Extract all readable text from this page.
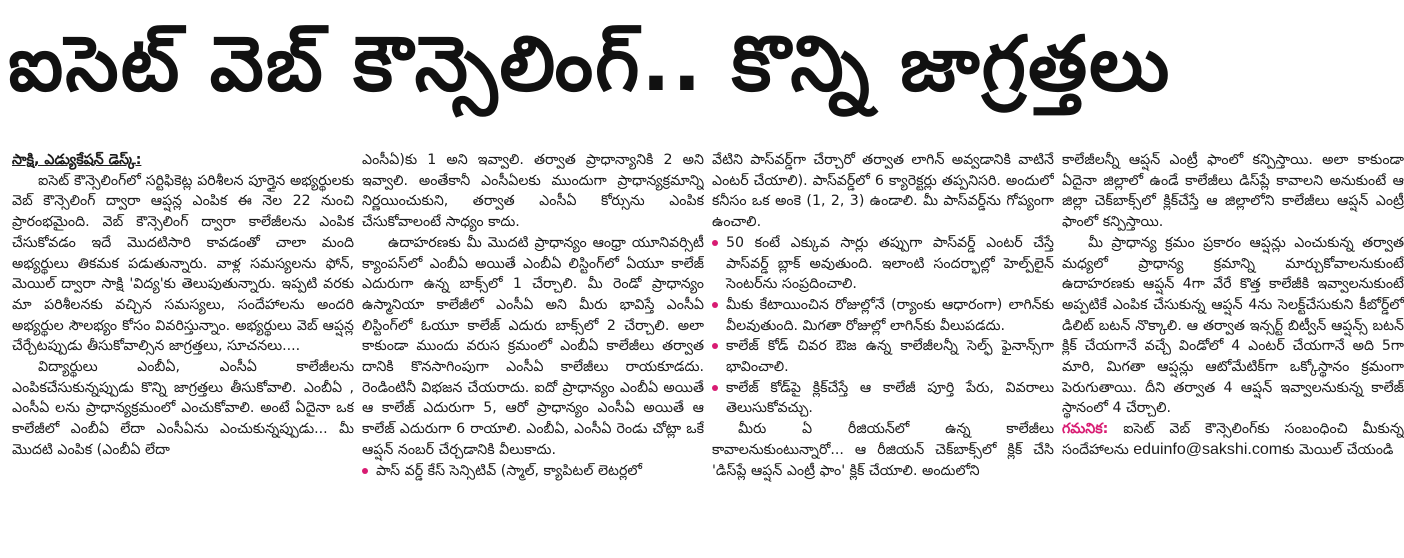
ఐసెట్ వెబ్ కౌన్సెలింగ్.. కొన్ని జాగ్రత్తలు

సాక్షి, ఎడ్యుకేషన్ డెస్క్:

ఐసెట్ కౌన్సెలింగ్‌లో సర్టిఫికెట్ల పరిశీలన పూర్తైన అభ్యర్థులకు వెబ్ కౌన్సెలింగ్ ద్వారా ఆప్షన్ల ఎంపిక ఈ నెల 22 నుంచి ప్రారంభమైంది. వెబ్ కౌన్సెలింగ్ ద్వారా కాలేజీలను ఎంపిక చేసుకోవడం ఇదే మొదటిసారి కావడంతో చాలా మంది అభ్యర్థులు తికమక పడుతున్నారు. వాళ్ల సమస్యలను ఫోన్, మెయిల్ ద్వారా సాక్షి 'విద్య'కు తెలుపుతున్నారు. ఇప్పటి వరకు మా పరిశీలనకు వచ్చిన సమస్యలు, సందేహాలను అందరి అభ్యర్థుల సౌలభ్యం కోసం వివరిస్తున్నాం. అభ్యర్థులు వెబ్ ఆప్షన్ల చేర్చేటప్పుడు తీసుకోవాల్సిన జాగ్రత్తలు, సూచనలు....

విద్యార్థులు ఎంబీఏ, ఎంసీఏ కాలేజీలను ఎంపికచేసుకున్నప్పుడు కొన్ని జాగ్రత్తలు తీసుకోవాలి. ఎంబీఏ , ఎంసీఏ లను ప్రాధాన్యక్రమంలో ఎంచుకోవాలి. అంటే ఏదైనా ఒక కాలేజీలో ఎంబీఏ లేదా ఎంసీఏను ఎంచుకున్నప్పుడు... మీ మొదటి ఎంపిక (ఎంబీఏ లేదా

ఎంసీఏ)కు 1 అని ఇవ్వాలి. తర్వాత ప్రాధాన్యానికి 2 అని ఇవ్వాలి. అంతేకానీ ఎంసీఏలకు ముందుగా ప్రాధాన్యక్రమాన్ని నిర్ణయించుకుని, తర్వాత ఎంసీఏ కోర్సును ఎంపిక చేసుకోవాలంటే సాధ్యం కాదు.

ఉదాహరణకు మీ మొదటి ప్రాధాన్యం ఆంధ్రా యూనివర్సిటీ క్యాంపస్‌లో ఎంబీఏ అయితే ఎంబీఏ లిస్టింగ్‌లో ఏయూ కాలేజ్ ఎదురుగా ఉన్న బాక్స్‌లో 1 చేర్చాలి. మీ రెండో ప్రాధాన్యం ఉస్మానియా కాలేజీలో ఎంసీఏ అని మీరు భావిస్తే ఎంసీఏ లిస్టింగ్‌లో ఓయూ కాలేజ్ ఎదురు బాక్స్‌లో 2 చేర్చాలి. అలా కాకుండా ముందు వరుస క్రమంలో ఎంబీఏ కాలేజీలు తర్వాత దానికి కొనసాగింపుగా ఎంసీఏ కాలేజీలు రాయకూడదు. రెండింటినీ విభజన చేయరాదు. ఐదో ప్రాధాన్యం ఎంబీఏ అయితే ఆ కాలేజ్ ఎదురుగా 5, ఆరో ప్రాధాన్యం ఎంసీఏ అయితే ఆ కాలేజ్ ఎదురుగా 6 రాయాలి. ఎంబీఏ, ఎంసీఏ రెండు చోట్లా ఒకే ఆప్షన్ నంబర్ చేర్చడానికి వీలుకాదు.

పాస్ వర్డ్ కేస్ సెన్సిటివ్ (స్మాల్, క్యాపిటల్ లెటర్లలో

వేటిని పాస్‌వర్డ్‌గా చేర్చారో తర్వాత లాగిన్ అవ్వడానికి వాటినే ఎంటర్ చేయాలి). పాస్‌వర్డ్‌లో 6 క్యారెక్టర్లు తప్పనిసరి. అందులో కనీసం ఒక అంకె (1, 2, 3) ఉండాలి. మీ పాస్‌వర్డ్‌ను గోప్యంగా ఉంచాలి.

50 కంటే ఎక్కువ సార్లు తప్పుగా పాస్‌వర్డ్ ఎంటర్ చేస్తే పాస్‌వర్డ్ బ్లాక్ అవుతుంది. ఇలాంటి సందర్భాల్లో హెల్ప్‌లైన్ సెంటర్‌ను సంప్రదించాలి.
మీకు కేటాయించిన రోజుల్లోనే (ర్యాంకు ఆధారంగా) లాగిన్‌కు వీలవుతుంది. మిగతా రోజుల్లో లాగిన్‌కు వీలుపడదు.
కాలేజ్ కోడ్ చివర ఔజ ఉన్న కాలేజీలన్నీ సెల్ఫ్ ఫైనాన్స్‌గా భావించాలి.
కాలేజ్ కోడ్‌పై క్లిక్‌చేస్తే ఆ కాలేజీ పూర్తి పేరు, వివరాలు తెలుసుకోవచ్చు.

మీరు ఏ రీజియన్‌లో ఉన్న కాలేజీలు కావాలనుకుంటున్నారో... ఆ రీజియన్ చెక్‌బాక్స్‌లో క్లిక్ చేసి 'డిస్‌ప్లే ఆప్షన్ ఎంట్రీ ఫాం' క్లిక్ చేయాలి. అందులోని

కాలేజీలన్నీ ఆప్షన్ ఎంట్రీ ఫాంలో కన్పిస్తాయి. అలా కాకుండా ఏదైనా జిల్లాలో ఉండే కాలేజీలు డిస్‌ప్లే కావాలని అనుకుంటే ఆ జిల్లా చెక్‌బాక్స్‌లో క్లిక్‌చేస్తే ఆ జిల్లాలోని కాలేజీలు ఆప్షన్ ఎంట్రీ ఫాంలో కన్పిస్తాయి.

మీ ప్రాధాన్య క్రమం ప్రకారం ఆప్షన్లు ఎంచుకున్న తర్వాత మధ్యలో ప్రాధాన్య క్రమాన్ని మార్చుకోవాలనుకుంటే ఉదాహరణకు ఆప్షన్ 4గా వేరే కొత్త కాలేజీకి ఇవ్వాలనుకుంటే అప్పటికే ఎంపిక చేసుకున్న ఆప్షన్ 4ను సెలక్ట్‌చేసుకుని కీబోర్డ్‌లో డిలిట్ బటన్ నొక్కాలి. ఆ తర్వాత ఇన్సర్ట్ బిట్వీన్ ఆప్షన్స్ బటన్ క్లిక్ చేయగానే వచ్చే విండోలో 4 ఎంటర్ చేయగానే అది 5గా మారి, మిగతా ఆప్షన్లు ఆటోమేటిక్‌గా ఒక్కోస్థానం క్రమంగా పెరుగుతాయి. దీని తర్వాత 4 ఆప్షన్ ఇవ్వాలనుకున్న కాలేజ్ స్థానంలో 4 చేర్చాలి.

గమనిక: ఐసెట్ వెబ్ కౌన్సెలింగ్‌కు సంబంధించి మీకున్న సందేహాలను eduinfo@sakshi.comకు మెయిల్ చేయండి
